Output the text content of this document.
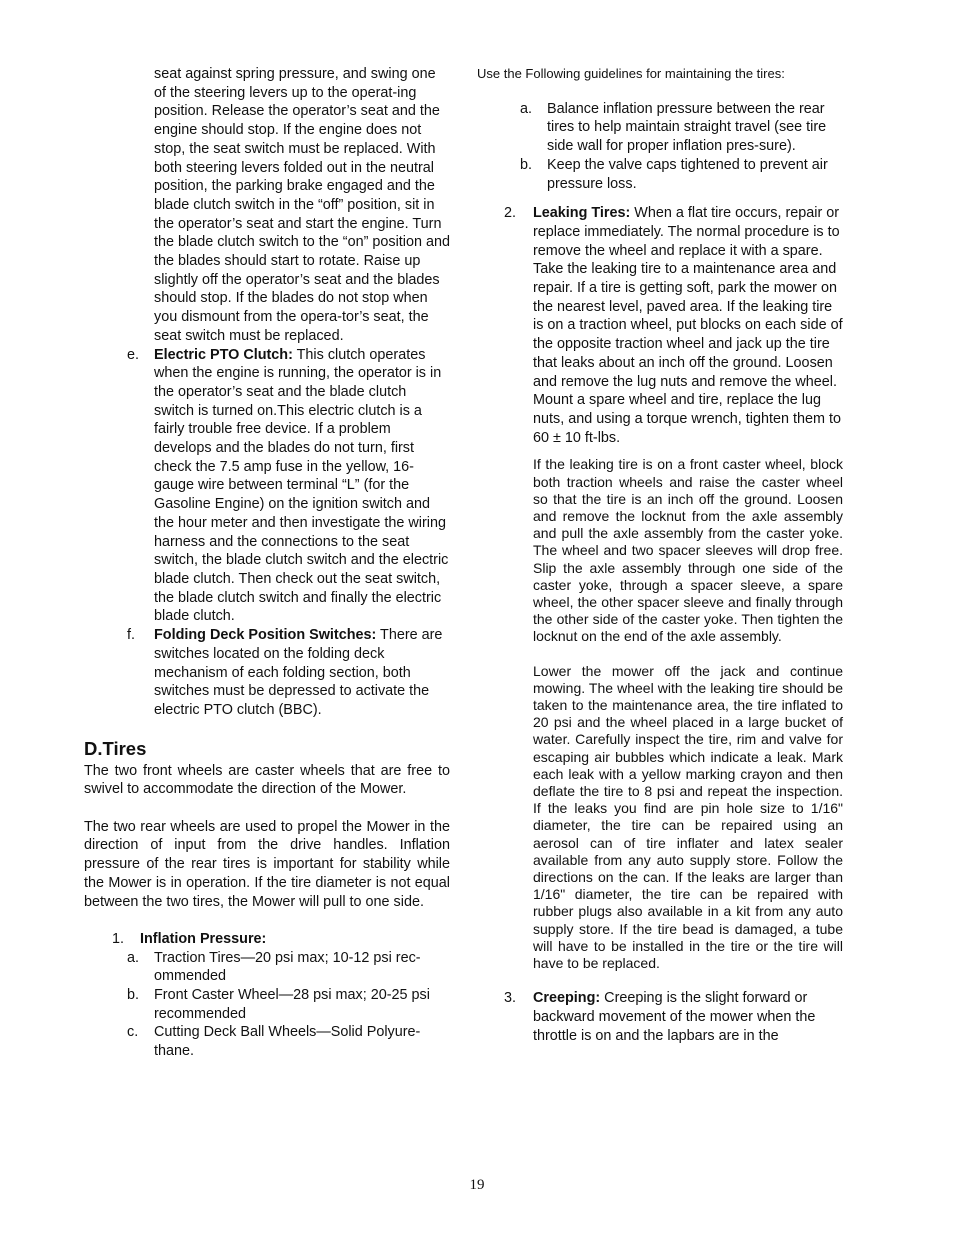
seat against spring pressure, and swing one of the steering levers up to the operat-ing position. Release the operator’s seat and the engine should stop. If the engine does not stop, the seat switch must be replaced. With both steering levers folded out in the neutral position, the parking brake engaged and the blade clutch switch in the “off” position, sit in the operator’s seat and start the engine. Turn the blade clutch switch to the “on” position and the blades should start to rotate. Raise up slightly off the operator’s seat and the blades should stop. If the blades do not stop when you dismount from the opera-tor’s seat, the seat switch must be replaced.

e. Electric PTO Clutch: This clutch operates when the engine is running, the operator is in the operator’s seat and the blade clutch switch is turned on.This electric clutch is a fairly trouble free device. If a problem develops and the blades do not turn, first check the 7.5 amp fuse in the yellow, 16-gauge wire between terminal “L” (for the Gasoline Engine) on the ignition switch and the hour meter and then investigate the wiring harness and the connections to the seat switch, the blade clutch switch and the electric blade clutch. Then check out the seat switch, the blade clutch switch and finally the electric blade clutch.
f. Folding Deck Position Switches: There are switches located on the folding deck mechanism of each folding section, both switches must be depressed to activate the electric PTO clutch (BBC).
D.Tires

The two front wheels are caster wheels that are free to swivel to accommodate the direction of the Mower.

The two rear wheels are used to propel the Mower in the direction of input from the drive handles. Inflation pressure of the rear tires is important for stability while the Mower is in operation. If the tire diameter is not equal between the two tires, the Mower will pull to one side.

1. Inflation Pressure:
a. Traction Tires—20 psi max; 10-12 psi rec-ommended
b. Front Caster Wheel—28 psi max; 20-25 psi recommended
c. Cutting Deck Ball Wheels—Solid Polyure-thane.

Use the Following guidelines for maintaining the tires:

a. Balance inflation pressure between the rear tires to help maintain straight travel (see tire side wall for proper inflation pres-sure).
b. Keep the valve caps tightened to prevent air pressure loss.
2. Leaking Tires: When a flat tire occurs, repair or replace immediately. The normal procedure is to remove the wheel and replace it with a spare. Take the leaking tire to a maintenance area and repair. If a tire is getting soft, park the mower on the nearest level, paved area. If the leaking tire is on a traction wheel, put blocks on each side of the opposite traction wheel and jack up the tire that leaks about an inch off the ground. Loosen and remove the lug nuts and remove the wheel. Mount a spare wheel and tire, replace the lug nuts, and using a torque wrench, tighten them to 60 ± 10 ft-lbs.

If the leaking tire is on a front caster wheel, block both traction wheels and raise the caster wheel so that the tire is an inch off the ground. Loosen and remove the locknut from the axle assembly and pull the axle assembly from the caster yoke. The wheel and two spacer sleeves will drop free. Slip the axle assembly through one side of the caster yoke, through a spacer sleeve, a spare wheel, the other spacer sleeve and finally through the other side of the caster yoke. Then tighten the locknut on the end of the axle assembly.

Lower the mower off the jack and continue mowing. The wheel with the leaking tire should be taken to the maintenance area, the tire inflated to 20 psi and the wheel placed in a large bucket of water. Carefully inspect the tire, rim and valve for escaping air bubbles which indicate a leak. Mark each leak with a yellow marking crayon and then deflate the tire to 8 psi and repeat the inspection. If the leaks you find are pin hole size to 1/16" diameter, the tire can be repaired using an aerosol can of tire inflater and latex sealer available from any auto supply store. Follow the directions on the can. If the leaks are larger than 1/16" diameter, the tire can be repaired with rubber plugs also available in a kit from any auto supply store. If the tire bead is damaged, a tube will have to be installed in the tire or the tire will have to be replaced.

3. Creeping: Creeping is the slight forward or backward movement of the mower when the throttle is on and the lapbars are in the
19
